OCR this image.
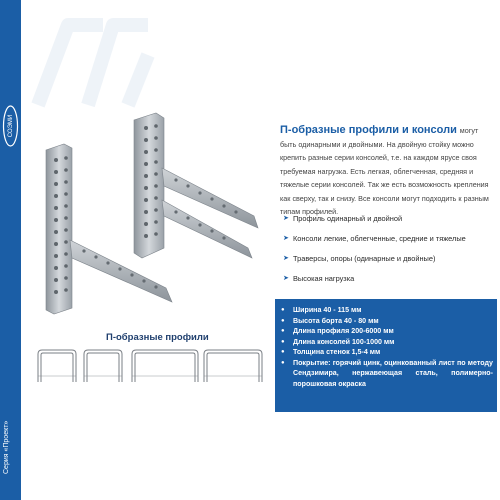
СОЭМИ
Серия «Проект»
П-образные профили и консоли могут быть одинарными и двойными. На двойную стойку можно крепить разные серии консолей, т.е. на каждом ярусе своя требуемая нагрузка. Есть легкая, облегченная, средняя и тяжелые серии консолей. Так же есть возможность крепления как сверху, так и снизу. Все консоли могут подходить к разным типам профилей.
➤ Профиль одинарный и двойной
➤ Консоли легкие, облегченные, средние и тяжелые
➤ Траверсы, опоры (одинарные и двойные)
➤ Высокая нагрузка
●	Ширина 40 - 115 мм
●	Высота борта 40 - 80 мм
●	Длина профиля 200-6000 мм
●	Длина консолей 100-1000 мм
●	Толщина стенок 1,5-4 мм
●	Покрытие: горячий цинк, оцинкованный лист по методу Сендзимира, нержавеющая сталь, полимерно-порошковая окраска
П-образные профили
